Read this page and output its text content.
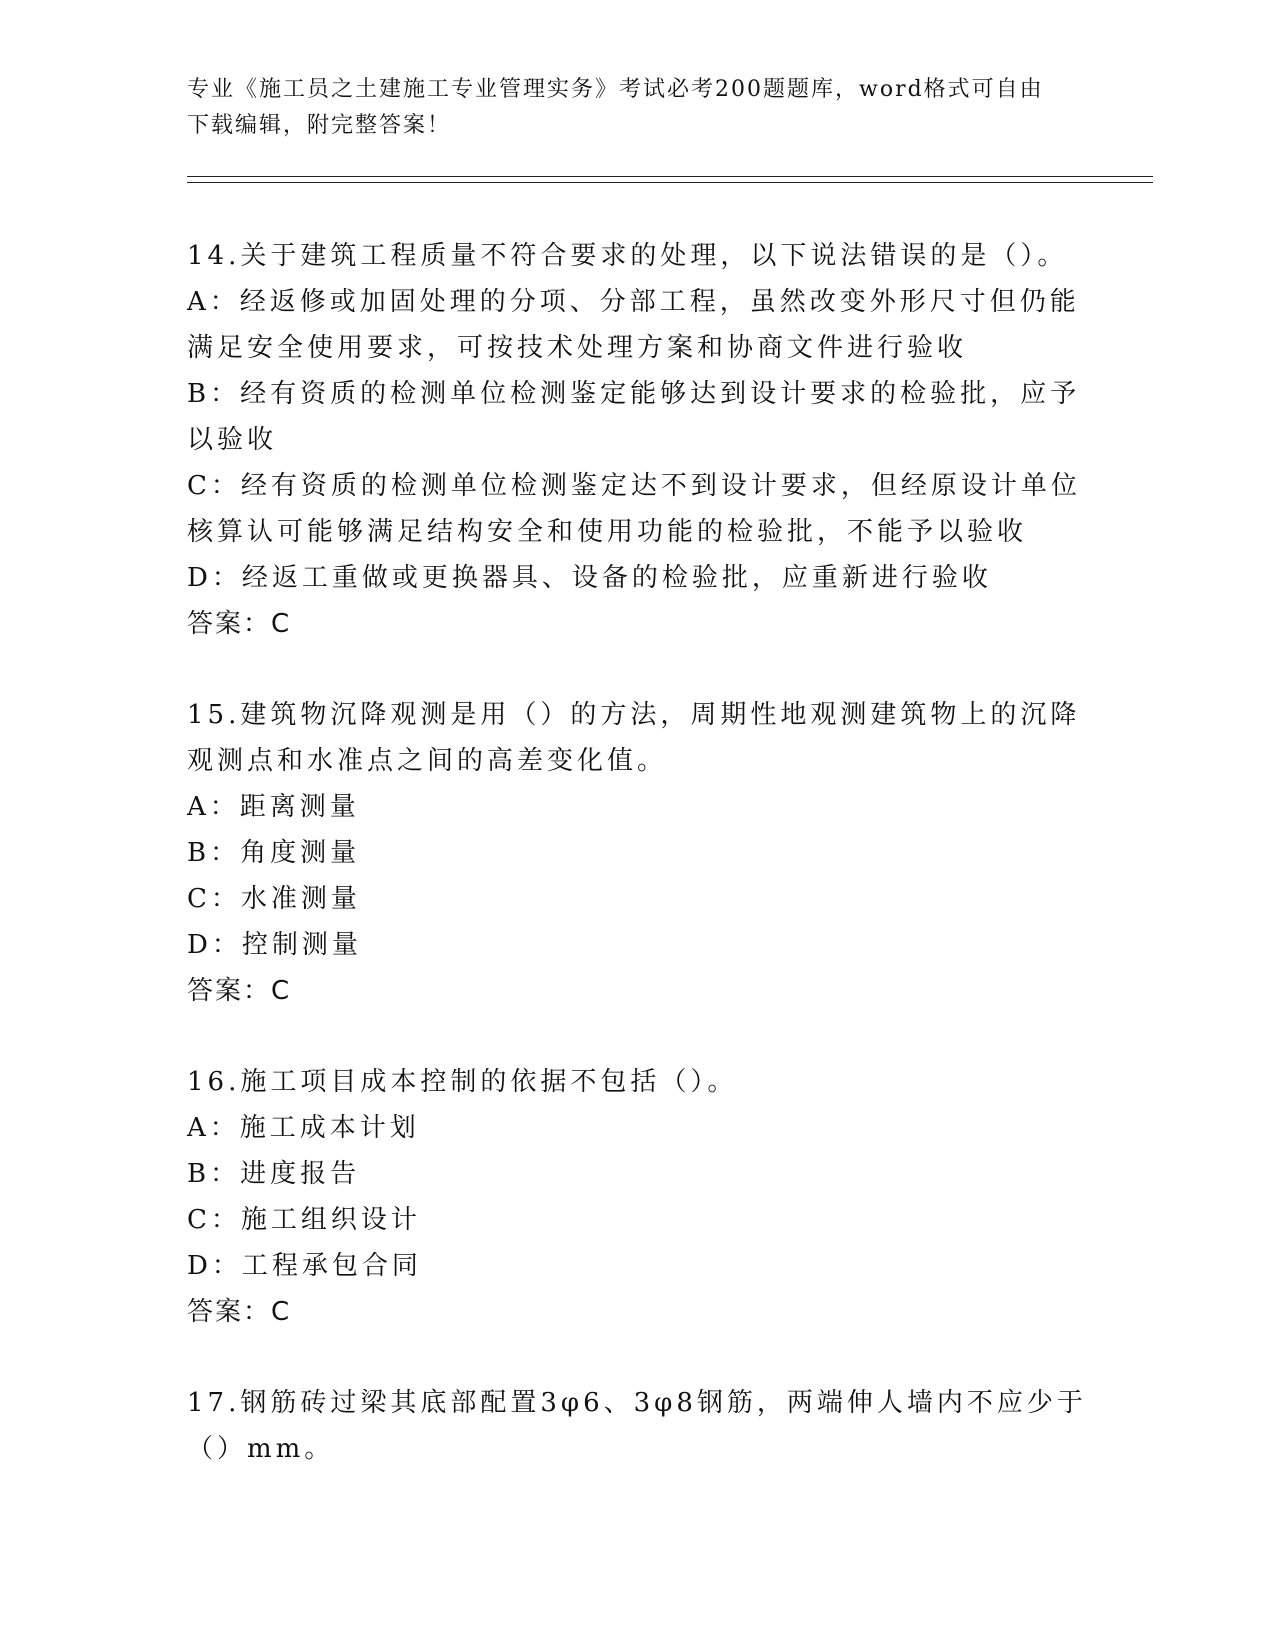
专业《施工员之土建施工专业管理实务》考试必考200题题库，word格式可自由下载编辑，附完整答案！

14.关于建筑工程质量不符合要求的处理，以下说法错误的是（）。

A：经返修或加固处理的分项、分部工程，虽然改变外形尺寸但仍能满足安全使用要求，可按技术处理方案和协商文件进行验收

B：经有资质的检测单位检测鉴定能够达到设计要求的检验批，应予以验收

C：经有资质的检测单位检测鉴定达不到设计要求，但经原设计单位核算认可能够满足结构安全和使用功能的检验批，不能予以验收

D：经返工重做或更换器具、设备的检验批，应重新进行验收

答案：C

15.建筑物沉降观测是用（）的方法，周期性地观测建筑物上的沉降观测点和水准点之间的高差变化值。

A：距离测量

B：角度测量

C：水准测量

D：控制测量

答案：C

16.施工项目成本控制的依据不包括（）。

A：施工成本计划

B：进度报告

C：施工组织设计

D：工程承包合同

答案：C

17.钢筋砖过梁其底部配置3φ6、3φ8钢筋，两端伸人墙内不应少于（）mm。
